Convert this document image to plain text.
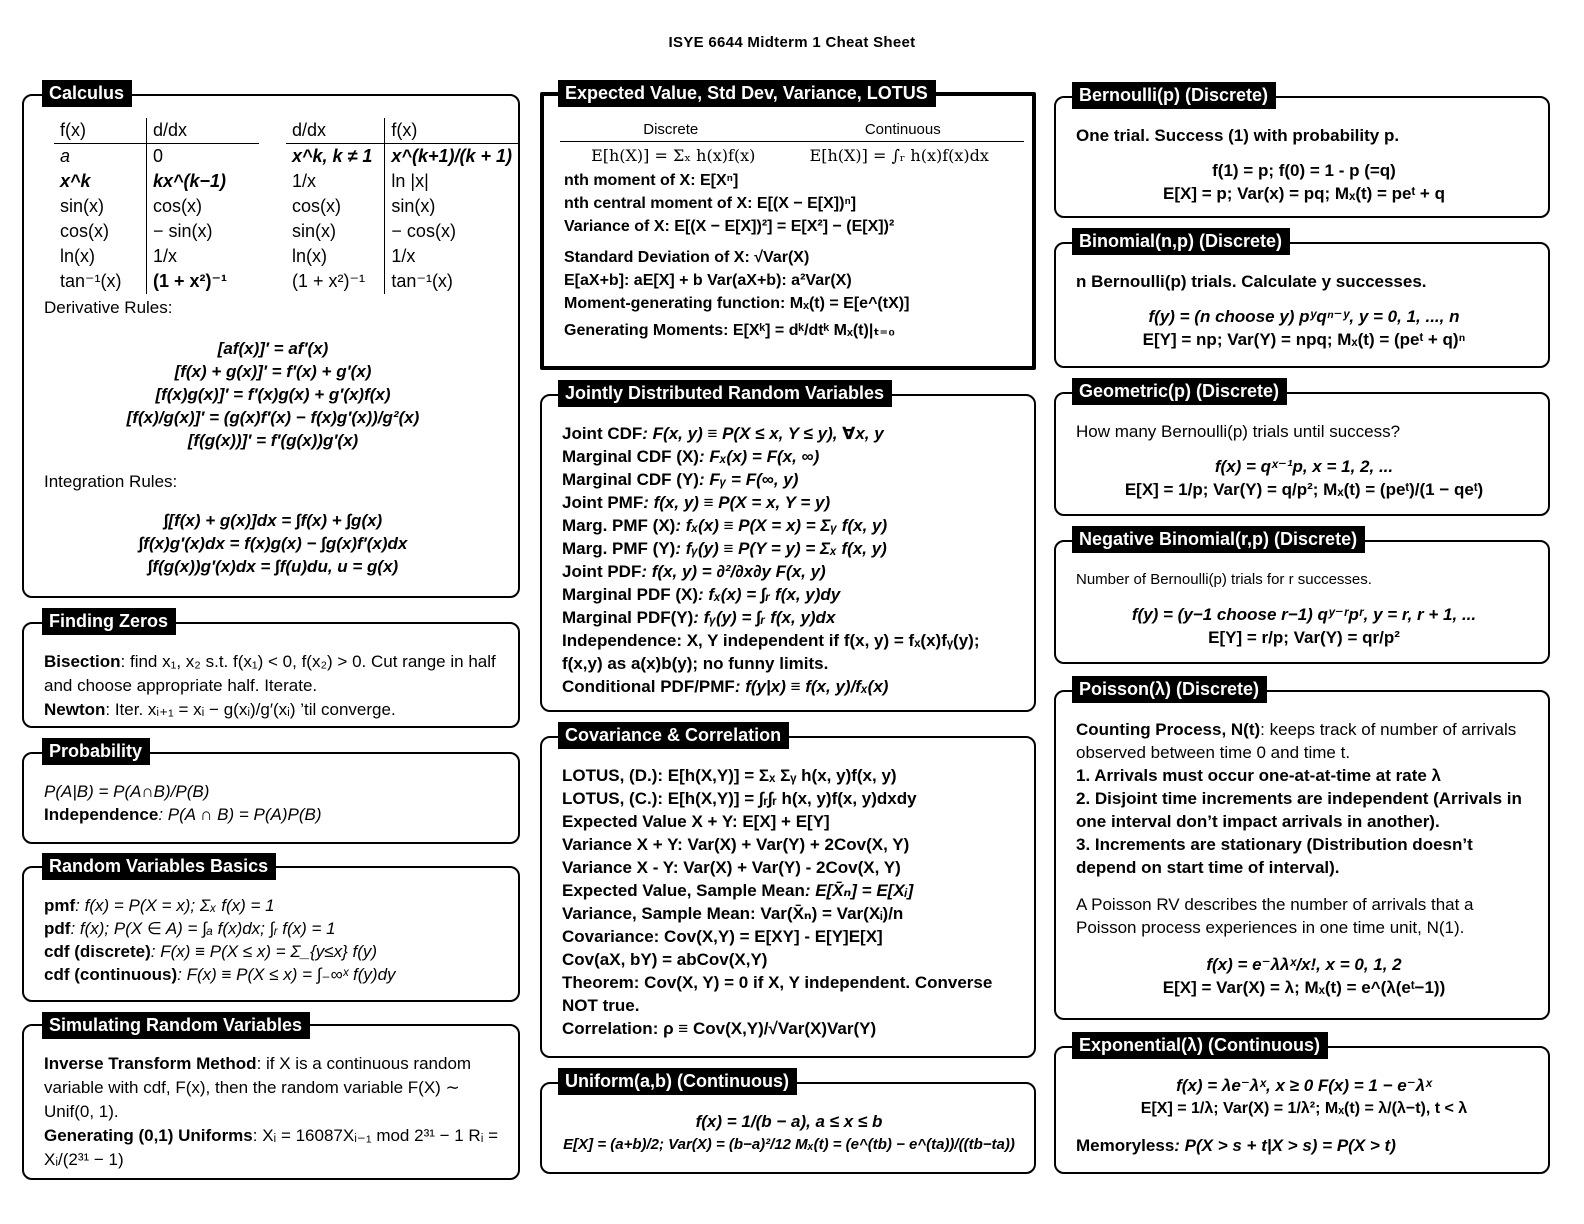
ISYE 6644 Midterm 1 Cheat Sheet
f(x)	d/dx
a	0
x^k	kx^(k−1)
sin(x)	cos(x)
cos(x)	− sin(x)
ln(x)	1/x
tan⁻¹(x)	(1 + x²)⁻¹
d/dx	f(x)
x^k, k ≠ 1	x^(k+1)/(k + 1)
1/x	ln |x|
cos(x)	sin(x)
sin(x)	− cos(x)
ln(x)	1/x
(1 + x²)⁻¹	tan⁻¹(x)

Derivative Rules:

[af(x)]′ = af′(x)

[f(x) + g(x)]′ = f′(x) + g′(x)

[f(x)g(x)]′ = f′(x)g(x) + g′(x)f(x)

[f(x)/g(x)]′ = (g(x)f′(x) − f(x)g′(x))/g²(x)

[f(g(x))]′ = f′(g(x))g′(x)

Integration Rules:

∫[f(x) + g(x)]dx = ∫f(x) + ∫g(x)

∫f(x)g′(x)dx = f(x)g(x) − ∫g(x)f′(x)dx

∫f(g(x))g′(x)dx = ∫f(u)du, u = g(x)

Calculus

Bisection: find x₁, x₂ s.t. f(x₁) < 0, f(x₂) > 0. Cut range in half and choose appropriate half. Iterate.

Newton: Iter. xᵢ₊₁ = xᵢ − g(xᵢ)/g′(xᵢ) ’til converge.

Finding Zeros

P(A|B) = P(A∩B)/P(B)

Independence: P(A ∩ B) = P(A)P(B)

Probability

pmf: f(x) = P(X = x); Σₓ f(x) = 1

pdf: f(x); P(X ∈ A) = ∫ₐ f(x)dx; ∫ᵣ f(x) = 1

cdf (discrete): F(x) ≡ P(X ≤ x) = Σ_{y≤x} f(y)

cdf (continuous): F(x) ≡ P(X ≤ x) = ∫₋∞ˣ f(y)dy

Random Variables Basics

Inverse Transform Method: if X is a continuous random variable with cdf, F(x), then the random variable F(X) ∼ Unif(0, 1).

Generating (0,1) Uniforms: Xᵢ = 16087Xᵢ₋₁ mod 2³¹ − 1 Rᵢ = Xᵢ/(2³¹ − 1)

Simulating Random Variables
Discrete	Continuous
E[h(X)] = Σₓ h(x)f(x)	E[h(X)] = ∫ᵣ h(x)f(x)dx

nth moment of X: E[Xⁿ]

nth central moment of X: E[(X − E[X])ⁿ]

Variance of X: E[(X − E[X])²] = E[X²] − (E[X])²

Standard Deviation of X: √Var(X)

E[aX+b]: aE[X] + b Var(aX+b): a²Var(X)

Moment-generating function: Mₓ(t) = E[e^(tX)]

Generating Moments: E[Xᵏ] = dᵏ/dtᵏ Mₓ(t)|ₜ₌₀

Expected Value, Std Dev, Variance, LOTUS

Joint CDF: F(x, y) ≡ P(X ≤ x, Y ≤ y), ∀x, y

Marginal CDF (X): Fₓ(x) = F(x, ∞)

Marginal CDF (Y): Fᵧ = F(∞, y)

Joint PMF: f(x, y) ≡ P(X = x, Y = y)

Marg. PMF (X): fₓ(x) ≡ P(X = x) = Σᵧ f(x, y)

Marg. PMF (Y): fᵧ(y) ≡ P(Y = y) = Σₓ f(x, y)

Joint PDF: f(x, y) = ∂²/∂x∂y F(x, y)

Marginal PDF (X): fₓ(x) = ∫ᵣ f(x, y)dy

Marginal PDF(Y): fᵧ(y) = ∫ᵣ f(x, y)dx

Independence: X, Y independent if f(x, y) = fₓ(x)fᵧ(y); f(x,y) as a(x)b(y); no funny limits.

Conditional PDF/PMF: f(y|x) ≡ f(x, y)/fₓ(x)

Jointly Distributed Random Variables

LOTUS, (D.): E[h(X,Y)] = Σₓ Σᵧ h(x, y)f(x, y)

LOTUS, (C.): E[h(X,Y)] = ∫ᵣ∫ᵣ h(x, y)f(x, y)dxdy

Expected Value X + Y: E[X] + E[Y]

Variance X + Y: Var(X) + Var(Y) + 2Cov(X, Y)

Variance X - Y: Var(X) + Var(Y) - 2Cov(X, Y)

Expected Value, Sample Mean: E[X̄ₙ] = E[Xᵢ]

Variance, Sample Mean: Var(X̄ₙ) = Var(Xᵢ)/n

Covariance: Cov(X,Y) = E[XY] - E[Y]E[X]

Cov(aX, bY) = abCov(X,Y)

Theorem: Cov(X, Y) = 0 if X, Y independent. Converse NOT true.

Correlation: ρ ≡ Cov(X,Y)/√Var(X)Var(Y)

Covariance & Correlation

f(x) = 1/(b − a), a ≤ x ≤ b

E[X] = (a+b)/2; Var(X) = (b−a)²/12 Mₓ(t) = (e^(tb) − e^(ta))/((tb−ta))

Uniform(a,b) (Continuous)

One trial. Success (1) with probability p.

f(1) = p; f(0) = 1 - p (=q)

E[X] = p; Var(x) = pq; Mₓ(t) = peᵗ + q

Bernoulli(p) (Discrete)

n Bernoulli(p) trials. Calculate y successes.

f(y) = (n choose y) pʸqⁿ⁻ʸ, y = 0, 1, ..., n

E[Y] = np; Var(Y) = npq; Mₓ(t) = (peᵗ + q)ⁿ

Binomial(n,p) (Discrete)

How many Bernoulli(p) trials until success?

f(x) = qˣ⁻¹p, x = 1, 2, ...

E[X] = 1/p; Var(Y) = q/p²; Mₓ(t) = (peᵗ)/(1 − qeᵗ)

Geometric(p) (Discrete)

Number of Bernoulli(p) trials for r successes.

f(y) = (y−1 choose r−1) qʸ⁻ʳpʳ, y = r, r + 1, ...

E[Y] = r/p; Var(Y) = qr/p²

Negative Binomial(r,p) (Discrete)

Counting Process, N(t): keeps track of number of arrivals observed between time 0 and time t.

1. Arrivals must occur one-at-at-time at rate λ

2. Disjoint time increments are independent (Arrivals in one interval don’t impact arrivals in another).

3. Increments are stationary (Distribution doesn’t depend on start time of interval).

A Poisson RV describes the number of arrivals that a Poisson process experiences in one time unit, N(1).

f(x) = e⁻λλˣ/x!, x = 0, 1, 2

E[X] = Var(X) = λ; Mₓ(t) = e^(λ(eᵗ−1))

Poisson(λ) (Discrete)

f(x) = λe⁻λˣ, x ≥ 0 F(x) = 1 − e⁻λˣ

E[X] = 1/λ; Var(X) = 1/λ²; Mₓ(t) = λ/(λ−t), t < λ

Memoryless: P(X > s + t|X > s) = P(X > t)

Exponential(λ) (Continuous)
